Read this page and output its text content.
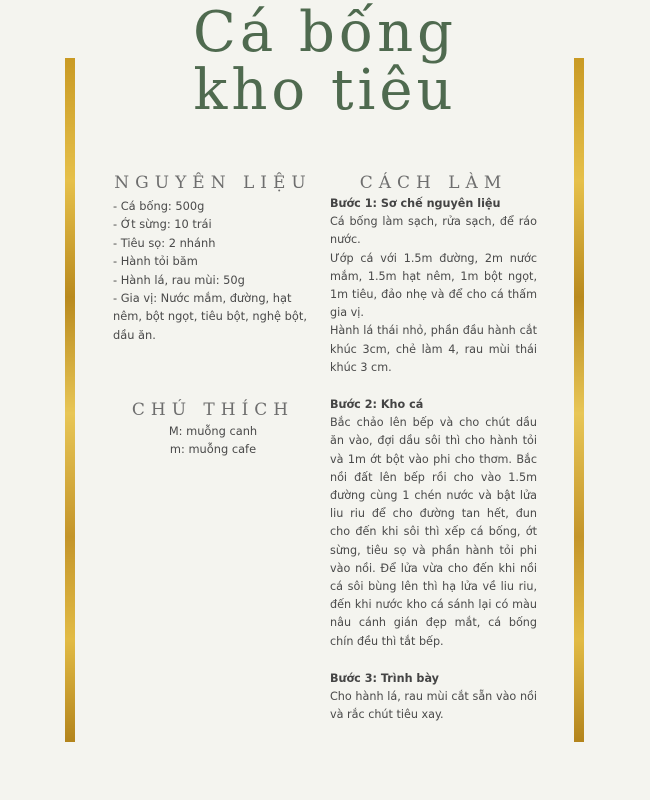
Cá bống
kho tiêu
NGUYÊN LIỆU
- Cá bống: 500g
- Ớt sừng: 10 trái
- Tiêu sọ: 2 nhánh
- Hành tỏi băm
- Hành lá, rau mùi: 50g
- Gia vị: Nước mắm, đường, hạt nêm, bột ngọt, tiêu bột, nghệ bột, dầu ăn.
CHÚ THÍCH
M: muỗng canh
m: muỗng cafe
CÁCH LÀM
Bước 1: Sơ chế nguyên liệu

Cá bống làm sạch, rửa sạch, để ráo nước.

Ướp cá với 1.5m đường, 2m nước mắm, 1.5m hạt nêm, 1m bột ngọt, 1m tiêu, đảo nhẹ và để cho cá thấm gia vị.

Hành lá thái nhỏ, phần đầu hành cắt khúc 3cm, chẻ làm 4, rau mùi thái khúc 3 cm.

Bước 2: Kho cá

Bắc chảo lên bếp và cho chút dầu ăn vào, đợi dầu sôi thì cho hành tỏi và 1m ớt bột vào phi cho thơm. Bắc nồi đất lên bếp rồi cho vào 1.5m đường cùng 1 chén nước và bật lửa liu riu để cho đường tan hết, đun cho đến khi sôi thì xếp cá bống, ớt sừng, tiêu sọ và phần hành tỏi phi vào nồi. Để lửa vừa cho đến khi nồi cá sôi bùng lên thì hạ lửa về liu riu, đến khi nước kho cá sánh lại có màu nâu cánh gián đẹp mắt, cá bống chín đều thì tắt bếp.

Bước 3: Trình bày

Cho hành lá, rau mùi cắt sẵn vào nồi và rắc chút tiêu xay.
